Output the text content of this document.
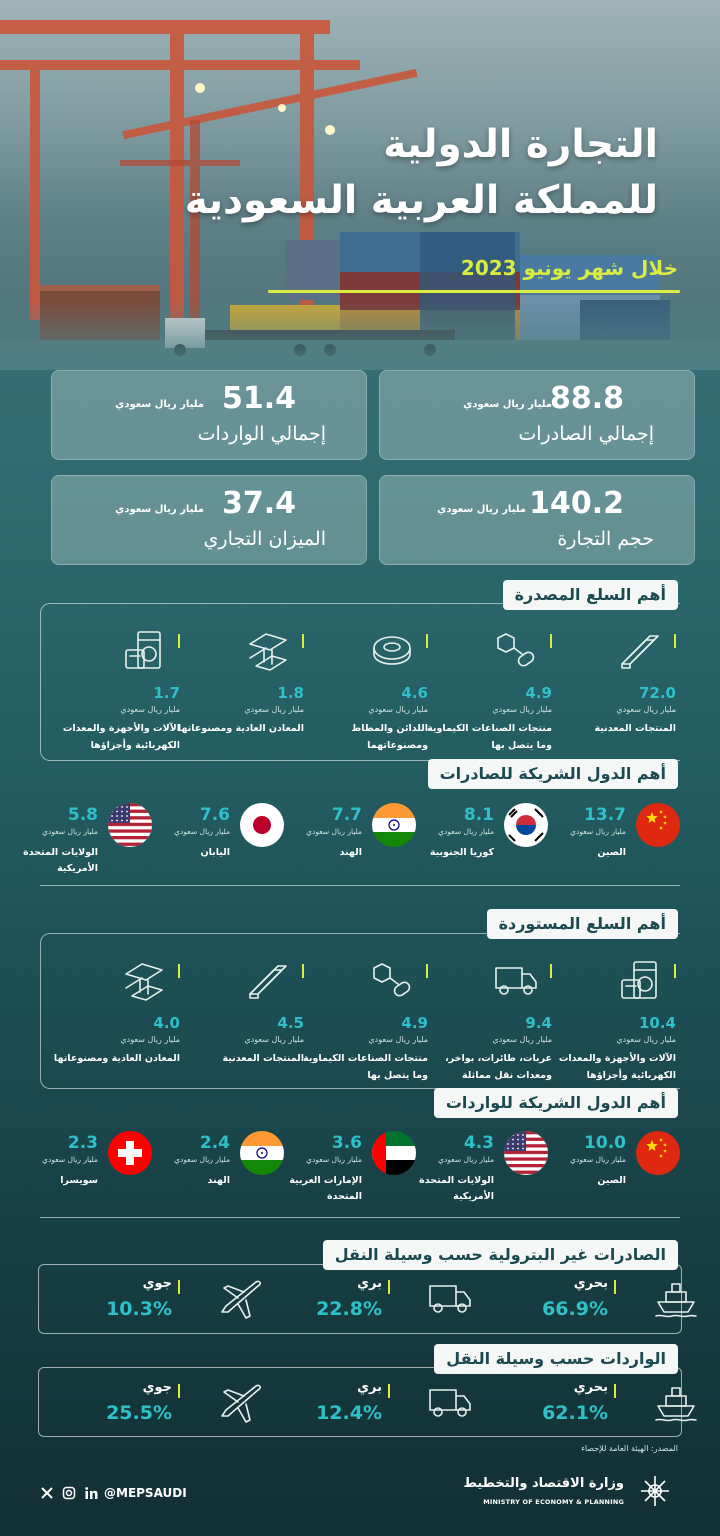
التجارة الدولية
للمملكة العربية السعودية
خلال شهر يونيو 2023
88.8
مليار ريال سعودي
إجمالي الصادرات
51.4
مليار ريال سعودي
إجمالي الواردات
140.2
مليار ريال سعودي
حجم التجارة
37.4
مليار ريال سعودي
الميزان التجاري
أهم السلع المصدرة
72.0
مليار ريال سعودي
المنتجات المعدنية
4.9
مليار ريال سعودي
منتجات الصناعات الكيماوية وما يتصل بها
4.6
مليار ريال سعودي
اللدائن والمطاط ومصنوعاتهما
1.8
مليار ريال سعودي
المعادن العادية ومصنوعاتها
1.7
مليار ريال سعودي
الآلات والأجهزة والمعدات الكهربائية وأجزاؤها
أهم الدول الشريكة للصادرات
13.7
مليار ريال سعودي
الصين
8.1
مليار ريال سعودي
كوريا الجنوبية
7.7
مليار ريال سعودي
الهند
7.6
مليار ريال سعودي
اليابان
5.8
مليار ريال سعودي
الولايات المتحدة الأمريكية
أهم السلع المستوردة
10.4
مليار ريال سعودي
الآلات والأجهزة والمعدات الكهربائية وأجزاؤها
9.4
مليار ريال سعودي
عربات، طائرات، بواخر، ومعدات نقل مماثلة
4.9
مليار ريال سعودي
منتجات الصناعات الكيماوية وما يتصل بها
4.5
مليار ريال سعودي
المنتجات المعدنية
4.0
مليار ريال سعودي
المعادن العادية ومصنوعاتها
أهم الدول الشريكة للواردات
10.0
مليار ريال سعودي
الصين
4.3
مليار ريال سعودي
الولايات المتحدة الأمريكية
3.6
مليار ريال سعودي
الإمارات العربية المتحدة
2.4
مليار ريال سعودي
الهند
2.3
مليار ريال سعودي
سويسرا
الصادرات غير البترولية حسب وسيلة النقل
بحري
66.9%
بري
22.8%
جوي
10.3%
الواردات حسب وسيلة النقل
بحري
62.1%
بري
12.4%
جوي
25.5%
المصدر: الهيئة العامة للإحصاء
@MEPSAUDI
وزارة الاقتصاد والتخطيط
MINISTRY OF ECONOMY & PLANNING
